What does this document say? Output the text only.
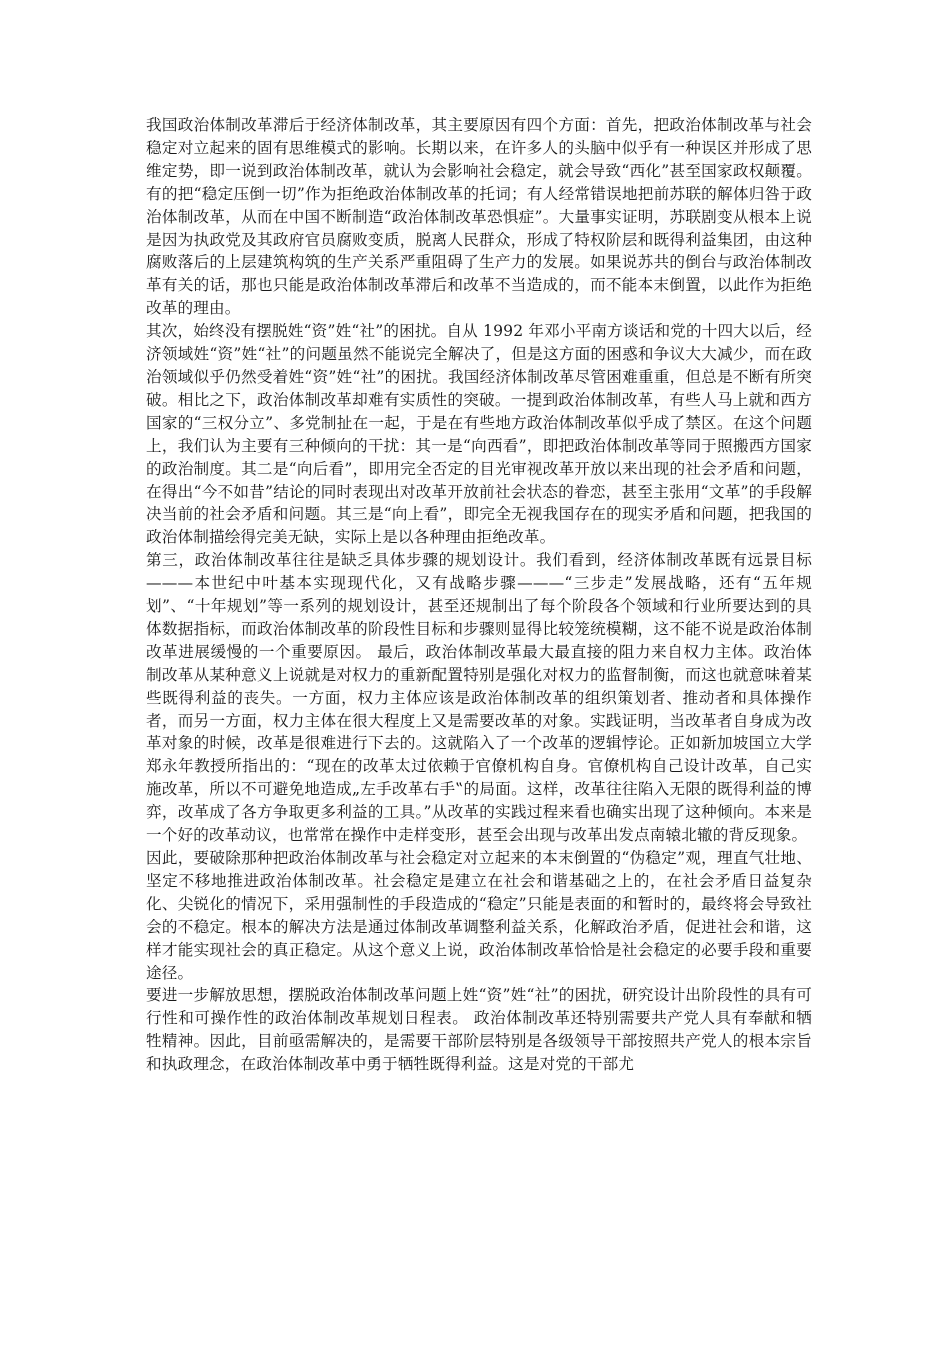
我国政治体制改革滞后于经济体制改革，其主要原因有四个方面：首先，把政治体制改革与社会稳定对立起来的固有思维模式的影响。长期以来，在许多人的头脑中似乎有一种误区并形成了思维定势，即一说到政治体制改革，就认为会影响社会稳定，就会导致“西化”甚至国家政权颠覆。有的把“稳定压倒一切”作为拒绝政治体制改革的托词；有人经常错误地把前苏联的解体归咎于政治体制改革，从而在中国不断制造“政治体制改革恐惧症”。大量事实证明，苏联剧变从根本上说是因为执政党及其政府官员腐败变质，脱离人民群众，形成了特权阶层和既得利益集团，由这种腐败落后的上层建筑构筑的生产关系严重阻碍了生产力的发展。如果说苏共的倒台与政治体制改革有关的话，那也只能是政治体制改革滞后和改革不当造成的，而不能本末倒置，以此作为拒绝改革的理由。

其次，始终没有摆脱姓“资”姓“社”的困扰。自从 1992 年邓小平南方谈话和党的十四大以后，经济领域姓“资”姓“社”的问题虽然不能说完全解决了，但是这方面的困惑和争议大大减少，而在政治领域似乎仍然受着姓“资”姓“社”的困扰。我国经济体制改革尽管困难重重，但总是不断有所突破。相比之下，政治体制改革却难有实质性的突破。一提到政治体制改革，有些人马上就和西方国家的“三权分立”、多党制扯在一起，于是在有些地方政治体制改革似乎成了禁区。在这个问题上，我们认为主要有三种倾向的干扰：其一是“向西看”，即把政治体制改革等同于照搬西方国家的政治制度。其二是“向后看”，即用完全否定的目光审视改革开放以来出现的社会矛盾和问题，在得出“今不如昔”结论的同时表现出对改革开放前社会状态的眷恋，甚至主张用“文革”的手段解决当前的社会矛盾和问题。其三是“向上看”，即完全无视我国存在的现实矛盾和问题，把我国的政治体制描绘得完美无缺，实际上是以各种理由拒绝改革。

第三，政治体制改革往往是缺乏具体步骤的规划设计。我们看到，经济体制改革既有远景目标———本世纪中叶基本实现现代化，又有战略步骤———“三步走”发展战略，还有“五年规划”、“十年规划”等一系列的规划设计，甚至还规制出了每个阶段各个领域和行业所要达到的具体数据指标，而政治体制改革的阶段性目标和步骤则显得比较笼统模糊，这不能不说是政治体制改革进展缓慢的一个重要原因。 最后，政治体制改革最大最直接的阻力来自权力主体。政治体制改革从某种意义上说就是对权力的重新配置特别是强化对权力的监督制衡，而这也就意味着某些既得利益的丧失。一方面，权力主体应该是政治体制改革的组织策划者、推动者和具体操作者，而另一方面，权力主体在很大程度上又是需要改革的对象。实践证明，当改革者自身成为改革对象的时候，改革是很难进行下去的。这就陷入了一个改革的逻辑悖论。正如新加坡国立大学郑永年教授所指出的：“现在的改革太过依赖于官僚机构自身。官僚机构自己设计改革，自己实施改革，所以不可避免地造成„左手改革右手‟的局面。这样，改革往往陷入无限的既得利益的博弈，改革成了各方争取更多利益的工具。”从改革的实践过程来看也确实出现了这种倾向。本来是一个好的改革动议，也常常在操作中走样变形，甚至会出现与改革出发点南辕北辙的背反现象。

因此，要破除那种把政治体制改革与社会稳定对立起来的本末倒置的“伪稳定”观，理直气壮地、坚定不移地推进政治体制改革。社会稳定是建立在社会和谐基础之上的，在社会矛盾日益复杂化、尖锐化的情况下，采用强制性的手段造成的“稳定”只能是表面的和暂时的，最终将会导致社会的不稳定。根本的解决方法是通过体制改革调整利益关系，化解政治矛盾，促进社会和谐，这样才能实现社会的真正稳定。从这个意义上说，政治体制改革恰恰是社会稳定的必要手段和重要途径。

要进一步解放思想，摆脱政治体制改革问题上姓“资”姓“社”的困扰，研究设计出阶段性的具有可行性和可操作性的政治体制改革规划日程表。 政治体制改革还特别需要共产党人具有奉献和牺牲精神。因此，目前亟需解决的，是需要干部阶层特别是各级领导干部按照共产党人的根本宗旨和执政理念，在政治体制改革中勇于牺牲既得利益。这是对党的干部尤
